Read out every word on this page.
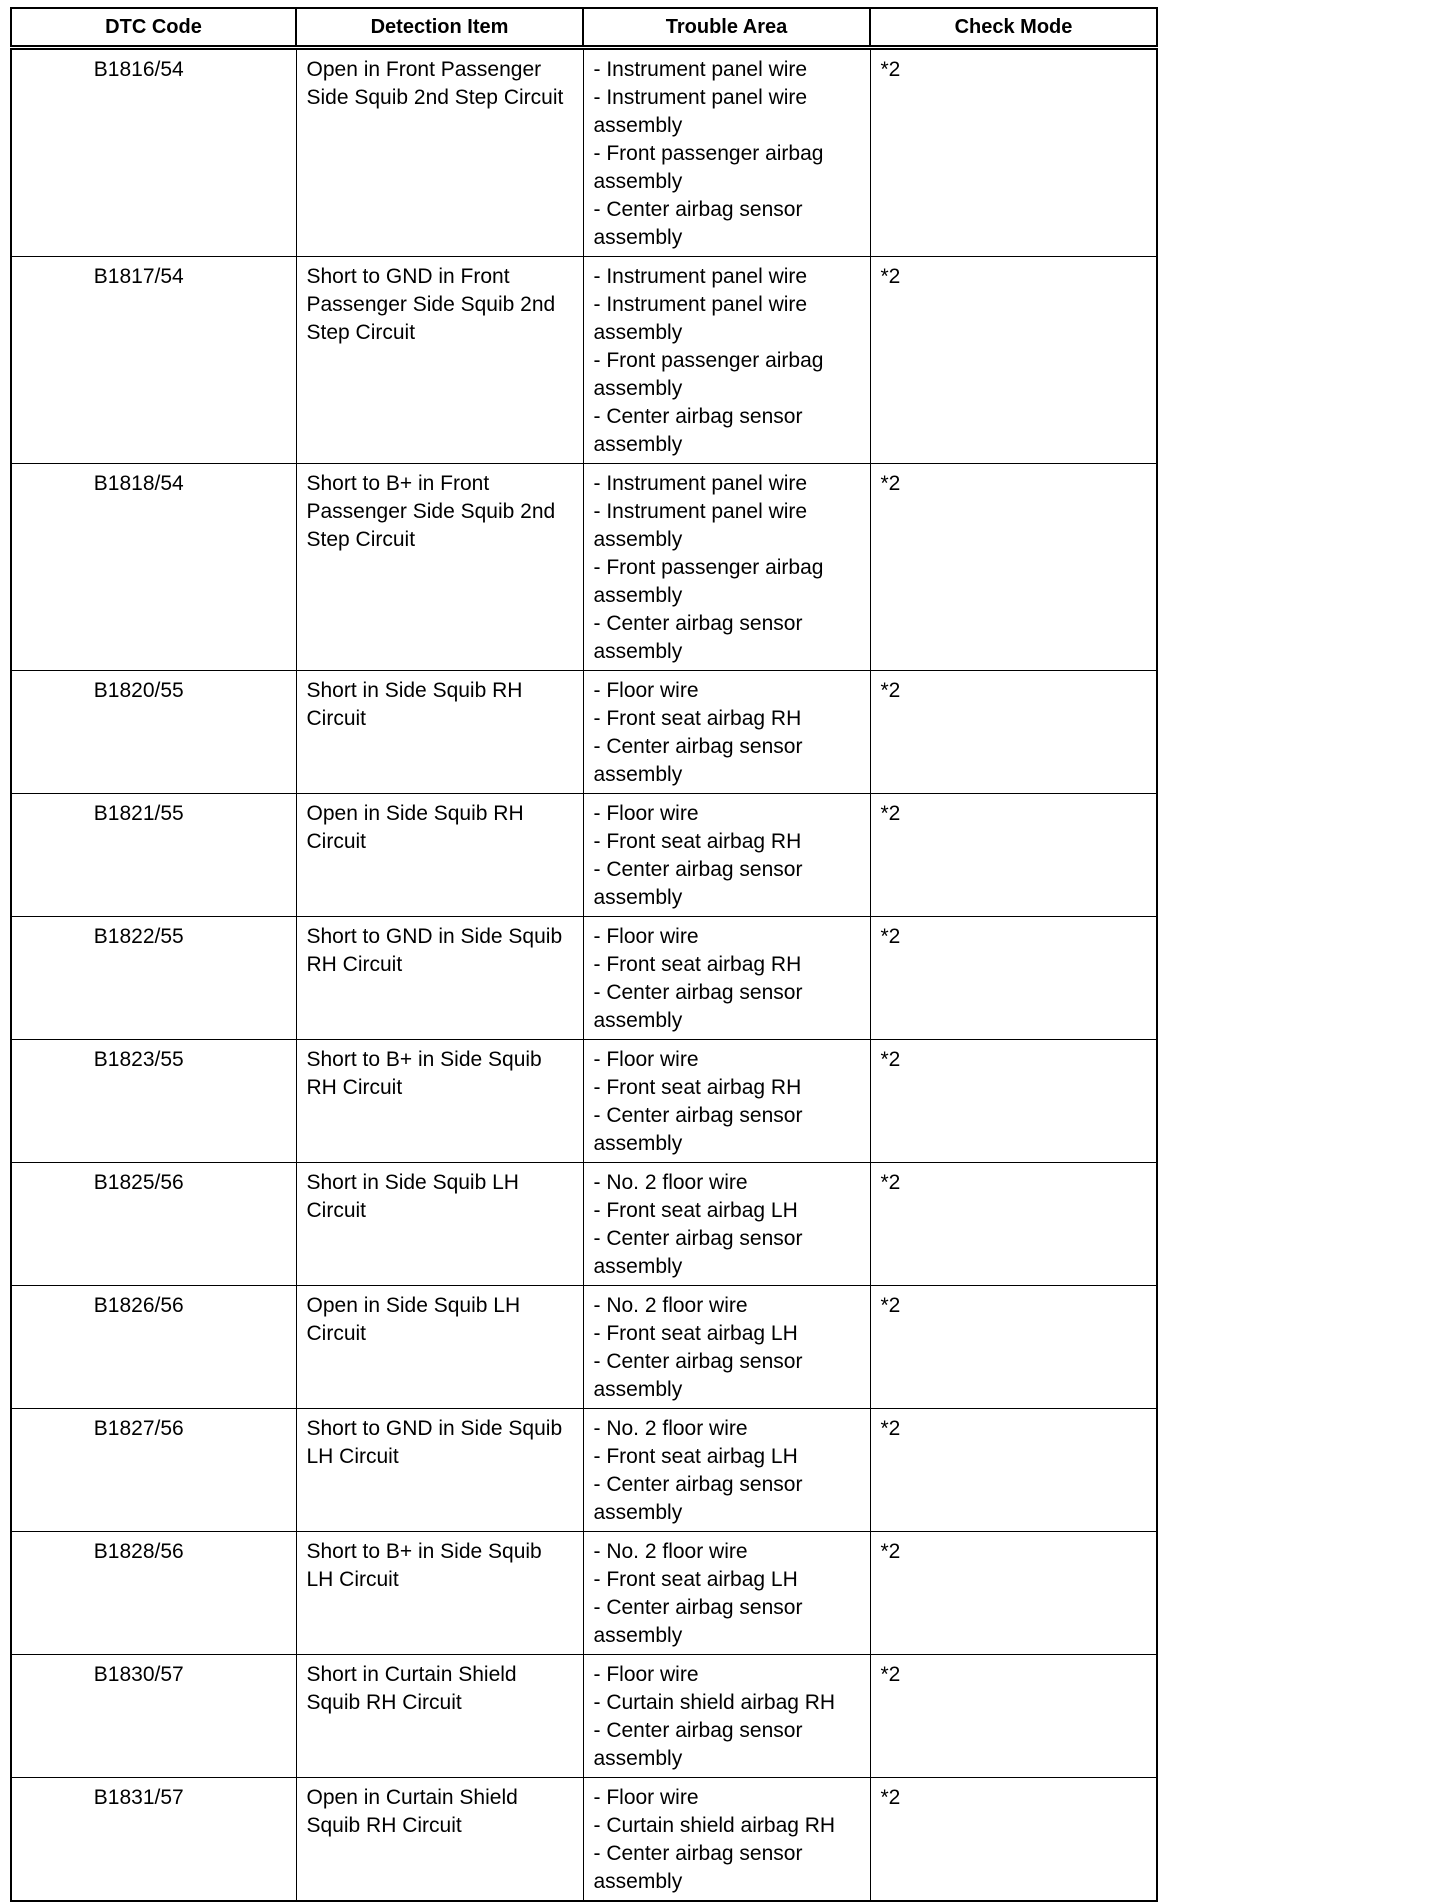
DTC Code	Detection Item	Trouble Area	Check Mode
B1816/54	Open in Front Passenger Side Squib 2nd Step Circuit	- Instrument panel wire
- Instrument panel wire assembly
- Front passenger airbag assembly
- Center airbag sensor assembly	*2
B1817/54	Short to GND in Front Passenger Side Squib 2nd Step Circuit	- Instrument panel wire
- Instrument panel wire assembly
- Front passenger airbag assembly
- Center airbag sensor assembly	*2
B1818/54	Short to B+ in Front Passenger Side Squib 2nd Step Circuit	- Instrument panel wire
- Instrument panel wire assembly
- Front passenger airbag assembly
- Center airbag sensor assembly	*2
B1820/55	Short in Side Squib RH Circuit	- Floor wire
- Front seat airbag RH
- Center airbag sensor assembly	*2
B1821/55	Open in Side Squib RH Circuit	- Floor wire
- Front seat airbag RH
- Center airbag sensor assembly	*2
B1822/55	Short to GND in Side Squib RH Circuit	- Floor wire
- Front seat airbag RH
- Center airbag sensor assembly	*2
B1823/55	Short to B+ in Side Squib RH Circuit	- Floor wire
- Front seat airbag RH
- Center airbag sensor assembly	*2
B1825/56	Short in Side Squib LH Circuit	- No. 2 floor wire
- Front seat airbag LH
- Center airbag sensor assembly	*2
B1826/56	Open in Side Squib LH Circuit	- No. 2 floor wire
- Front seat airbag LH
- Center airbag sensor assembly	*2
B1827/56	Short to GND in Side Squib LH Circuit	- No. 2 floor wire
- Front seat airbag LH
- Center airbag sensor assembly	*2
B1828/56	Short to B+ in Side Squib LH Circuit	- No. 2 floor wire
- Front seat airbag LH
- Center airbag sensor assembly	*2
B1830/57	Short in Curtain Shield Squib RH Circuit	- Floor wire
- Curtain shield airbag RH
- Center airbag sensor assembly	*2
B1831/57	Open in Curtain Shield Squib RH Circuit	- Floor wire
- Curtain shield airbag RH
- Center airbag sensor assembly	*2
